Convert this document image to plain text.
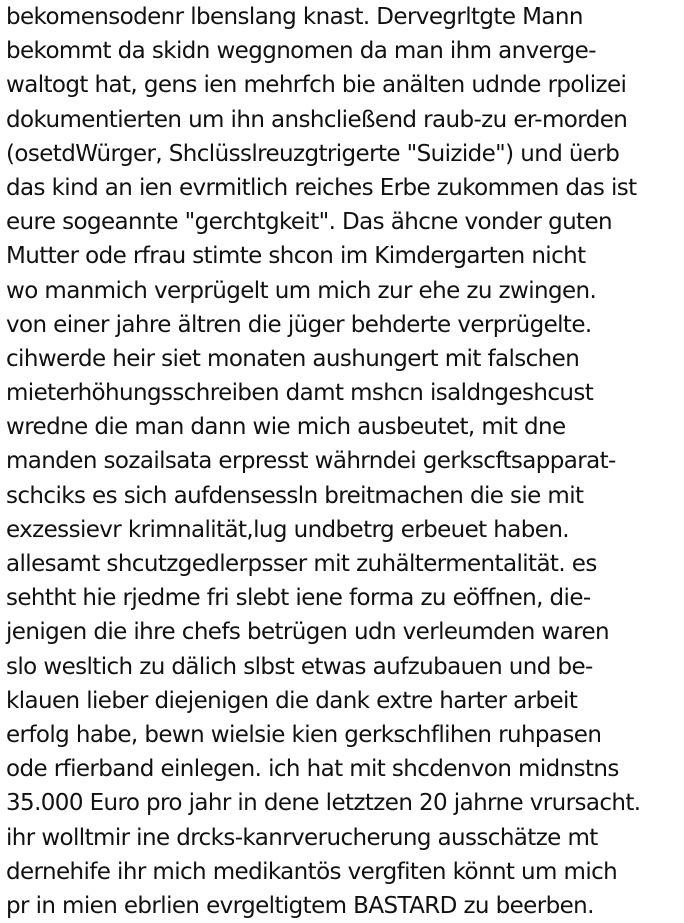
bekomensodenr lbenslang knast. Dervegrltgte Mann
bekommt da skidn weggnomen da man ihm anverge-
waltogt hat, gens ien mehrfch bie anälten udnde rpolizei
dokumentierten um ihn anshcließend raub-zu er-morden
(osetdWürger, Shclüsslreuzgtrigerte "Suizide") und üerb
das kind an ien evrmitlich reiches Erbe zukommen das ist
eure sogeannte "gerchtgkeit". Das ähcne vonder guten
Mutter ode rfrau stimte shcon im Kimdergarten nicht
wo manmich verprügelt um mich zur ehe zu zwingen.
von einer jahre ältren die jüger behderte verprügelte.
cihwerde heir siet monaten aushungert mit falschen
mieterhöhungsschreiben damt mshcn isaldngeshcust
wredne die man dann wie mich ausbeutet, mit dne
manden sozailsata erpresst währndei gerkscftsapparat-
schciks es sich aufdensessln breitmachen die sie mit
exzessievr krimnalität,lug undbetrg erbeuet haben.
allesamt shcutzgedlerpsser mit zuhältermentalität. es
sehtht hie rjedme fri slebt iene forma zu eöffnen, die-
jenigen die ihre chefs betrügen udn verleumden waren
slo wesltich zu dälich slbst etwas aufzubauen und be-
klauen lieber diejenigen die dank extre harter arbeit
erfolg habe, bewn wielsie kien gerkschflihen ruhpasen
ode rfierband einlegen. ich hat mit shcdenvon midnstns
35.000 Euro pro jahr in dene letztzen 20 jahrne vrursacht.
ihr wolltmir ine drcks-kanrverucherung ausschätze mt
dernehife ihr mich medikantös vergfiten könnt um mich
pr in mien ebrlien evrgeltigtem BASTARD zu beerben.
